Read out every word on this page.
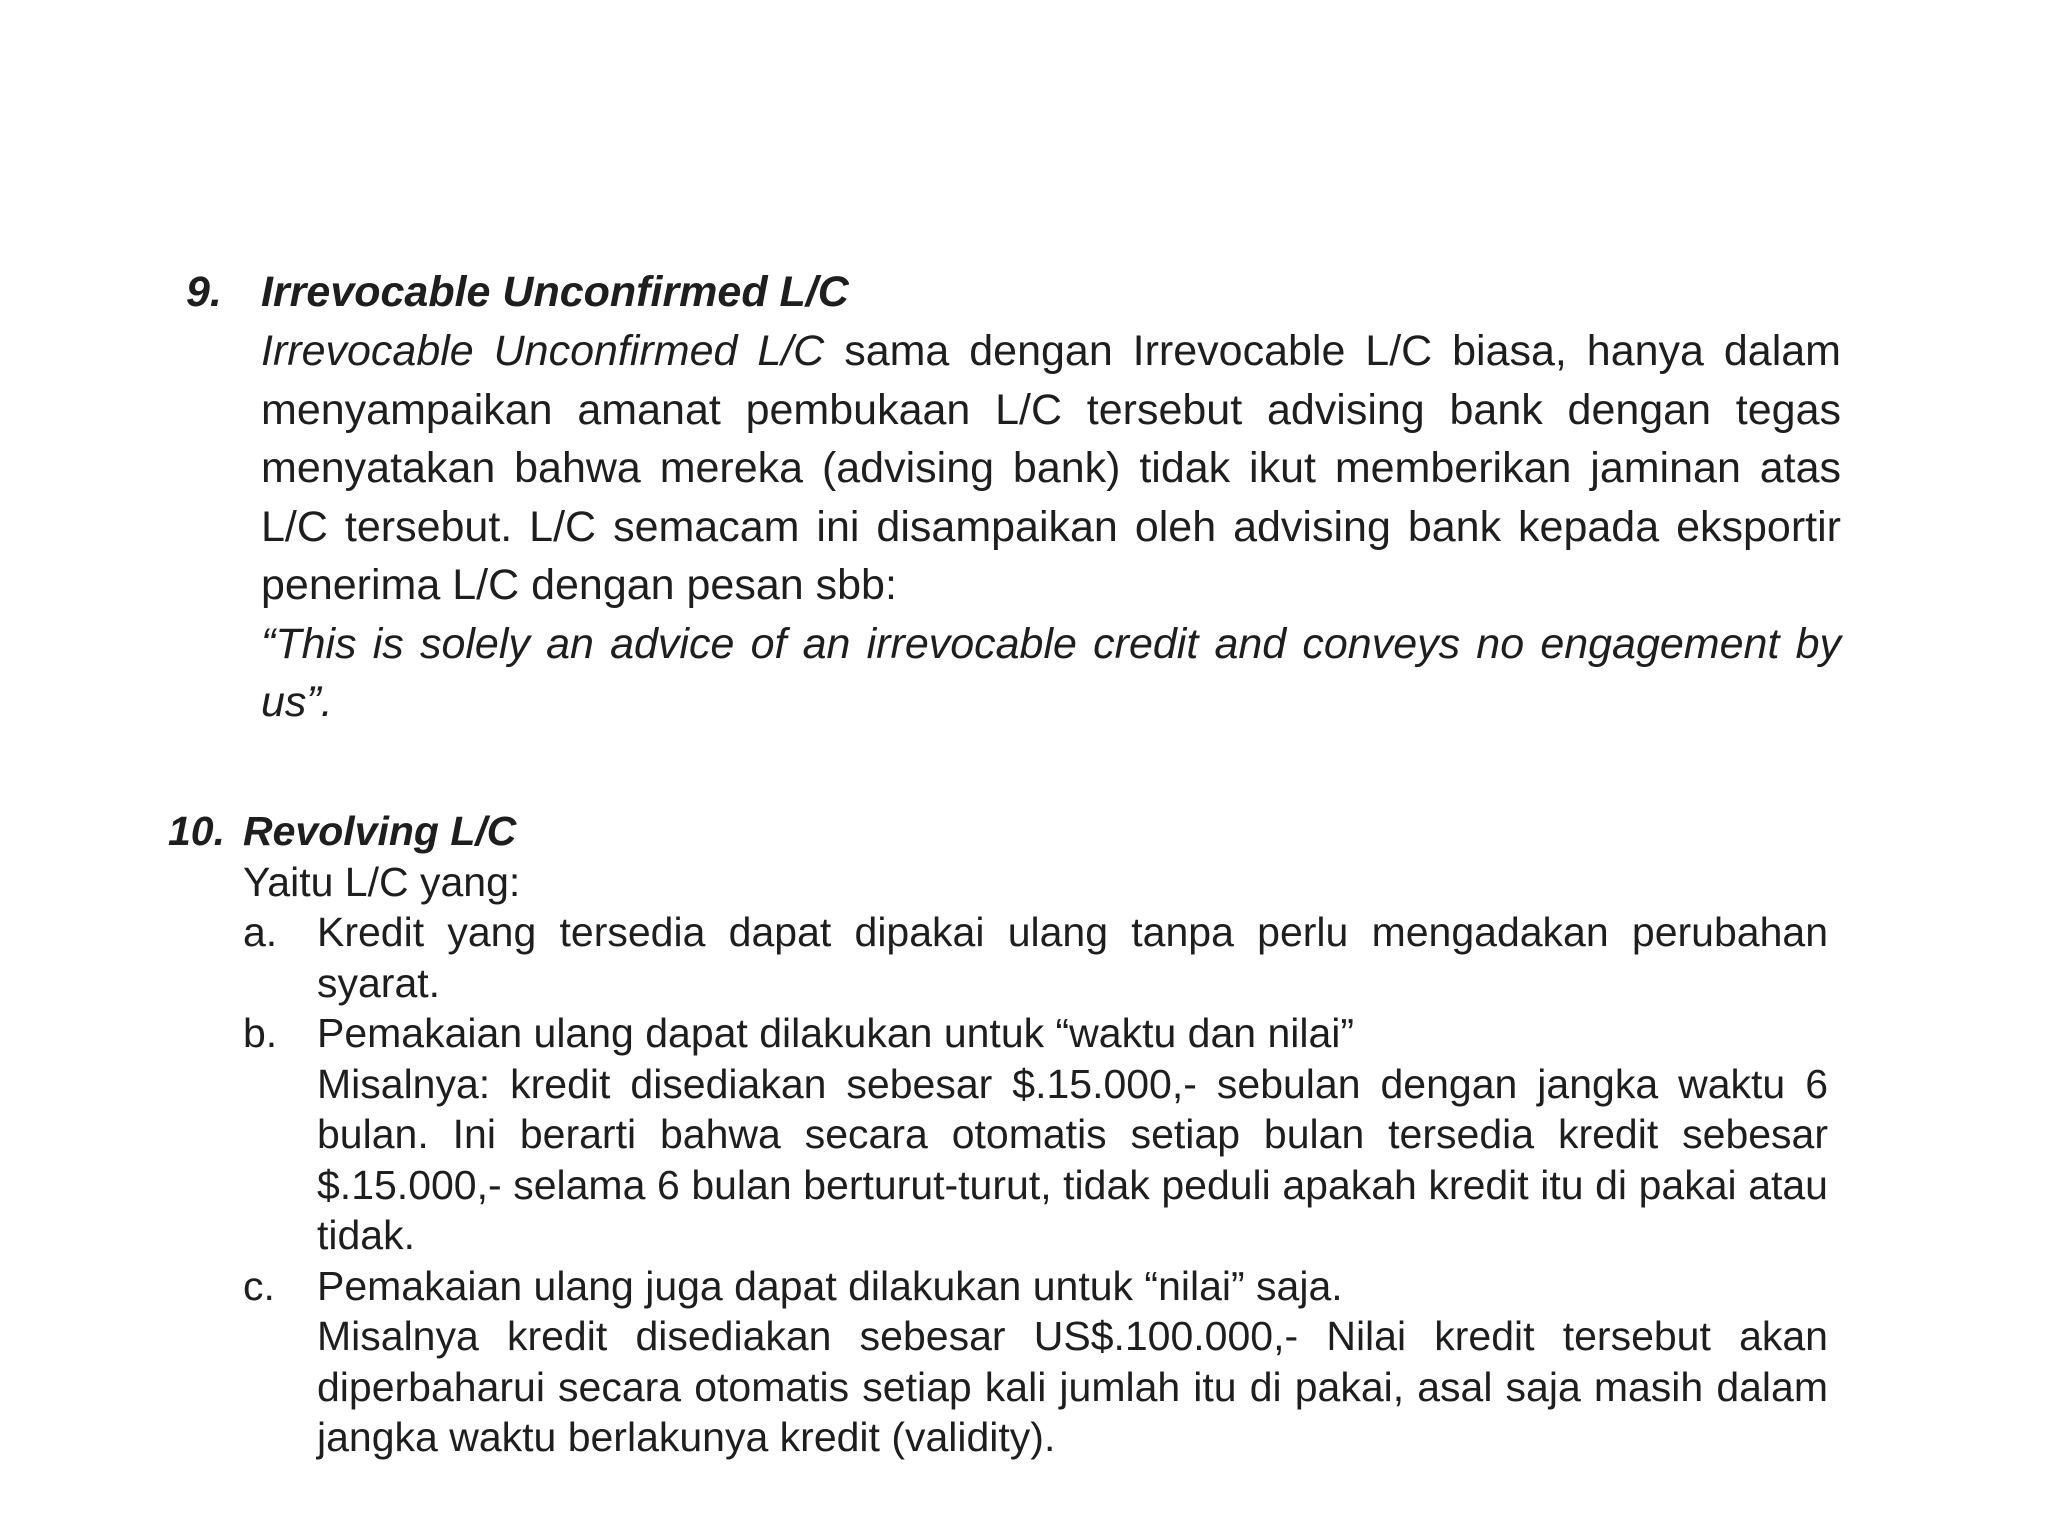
9. Irrevocable Unconfirmed L/C

Irrevocable Unconfirmed L/C sama dengan Irrevocable L/C biasa, hanya dalam menyampaikan amanat pembukaan L/C tersebut advising bank dengan tegas menyatakan bahwa mereka (advising bank) tidak ikut memberikan jaminan atas L/C tersebut. L/C semacam ini disampaikan oleh advising bank kepada eksportir penerima L/C dengan pesan sbb:

“This is solely an advice of an irrevocable credit and conveys no engagement by us”.

10. Revolving L/C
Yaitu L/C yang:
a. Kredit yang tersedia dapat dipakai ulang tanpa perlu mengadakan perubahan syarat.

b. Pemakaian ulang dapat dilakukan untuk “waktu dan nilai”

Misalnya: kredit disediakan sebesar $.15.000,- sebulan dengan jangka waktu 6 bulan. Ini berarti bahwa secara otomatis setiap bulan tersedia kredit sebesar $.15.000,- selama 6 bulan berturut-turut, tidak peduli apakah kredit itu di pakai atau tidak.

c.	Pemakaian ulang juga dapat dilakukan untuk “nilai” saja.

Misalnya kredit disediakan sebesar US$.100.000,- Nilai kredit tersebut akan diperbaharui secara otomatis setiap kali jumlah itu di pakai, asal saja masih dalam jangka waktu berlakunya kredit (validity).
